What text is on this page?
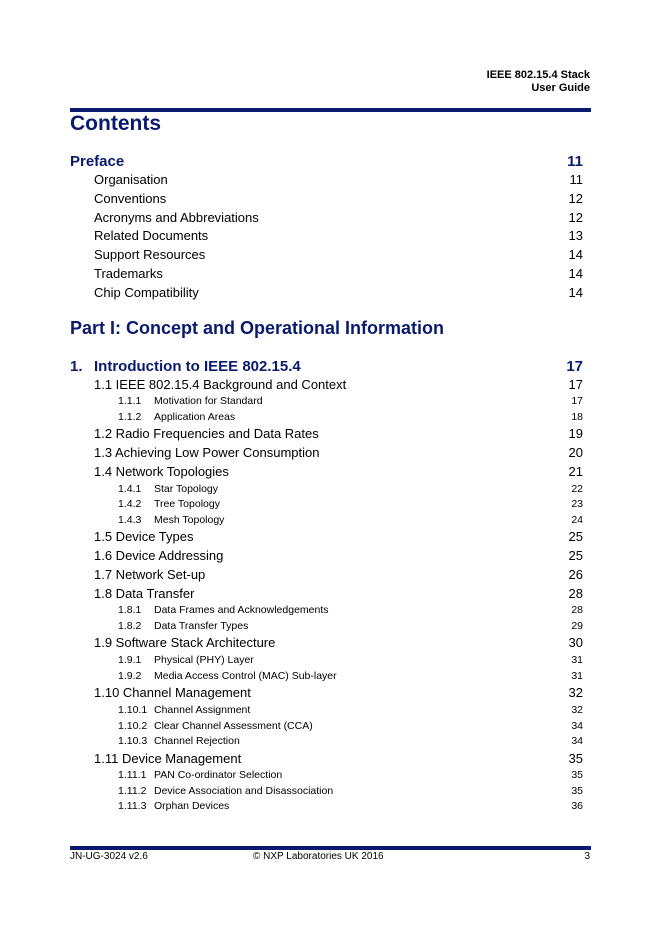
IEEE 802.15.4 Stack
User Guide
Contents
Preface	11
Organisation	11
Conventions	12
Acronyms and Abbreviations	12
Related Documents	13
Support Resources	14
Trademarks	14
Chip Compatibility	14
Part I: Concept and Operational Information
1. Introduction to IEEE 802.15.4	17
1.1 IEEE 802.15.4 Background and Context	17
1.1.1 Motivation for Standard	17
1.1.2 Application Areas	18
1.2 Radio Frequencies and Data Rates	19
1.3 Achieving Low Power Consumption	20
1.4 Network Topologies	21
1.4.1 Star Topology	22
1.4.2 Tree Topology	23
1.4.3 Mesh Topology	24
1.5 Device Types	25
1.6 Device Addressing	25
1.7 Network Set-up	26
1.8 Data Transfer	28
1.8.1 Data Frames and Acknowledgements	28
1.8.2 Data Transfer Types	29
1.9 Software Stack Architecture	30
1.9.1 Physical (PHY) Layer	31
1.9.2 Media Access Control (MAC) Sub-layer	31
1.10 Channel Management	32
1.10.1 Channel Assignment	32
1.10.2 Clear Channel Assessment (CCA)	34
1.10.3 Channel Rejection	34
1.11 Device Management	35
1.11.1 PAN Co-ordinator Selection	35
1.11.2 Device Association and Disassociation	35
1.11.3 Orphan Devices	36
JN-UG-3024 v2.6	© NXP Laboratories UK 2016	3
